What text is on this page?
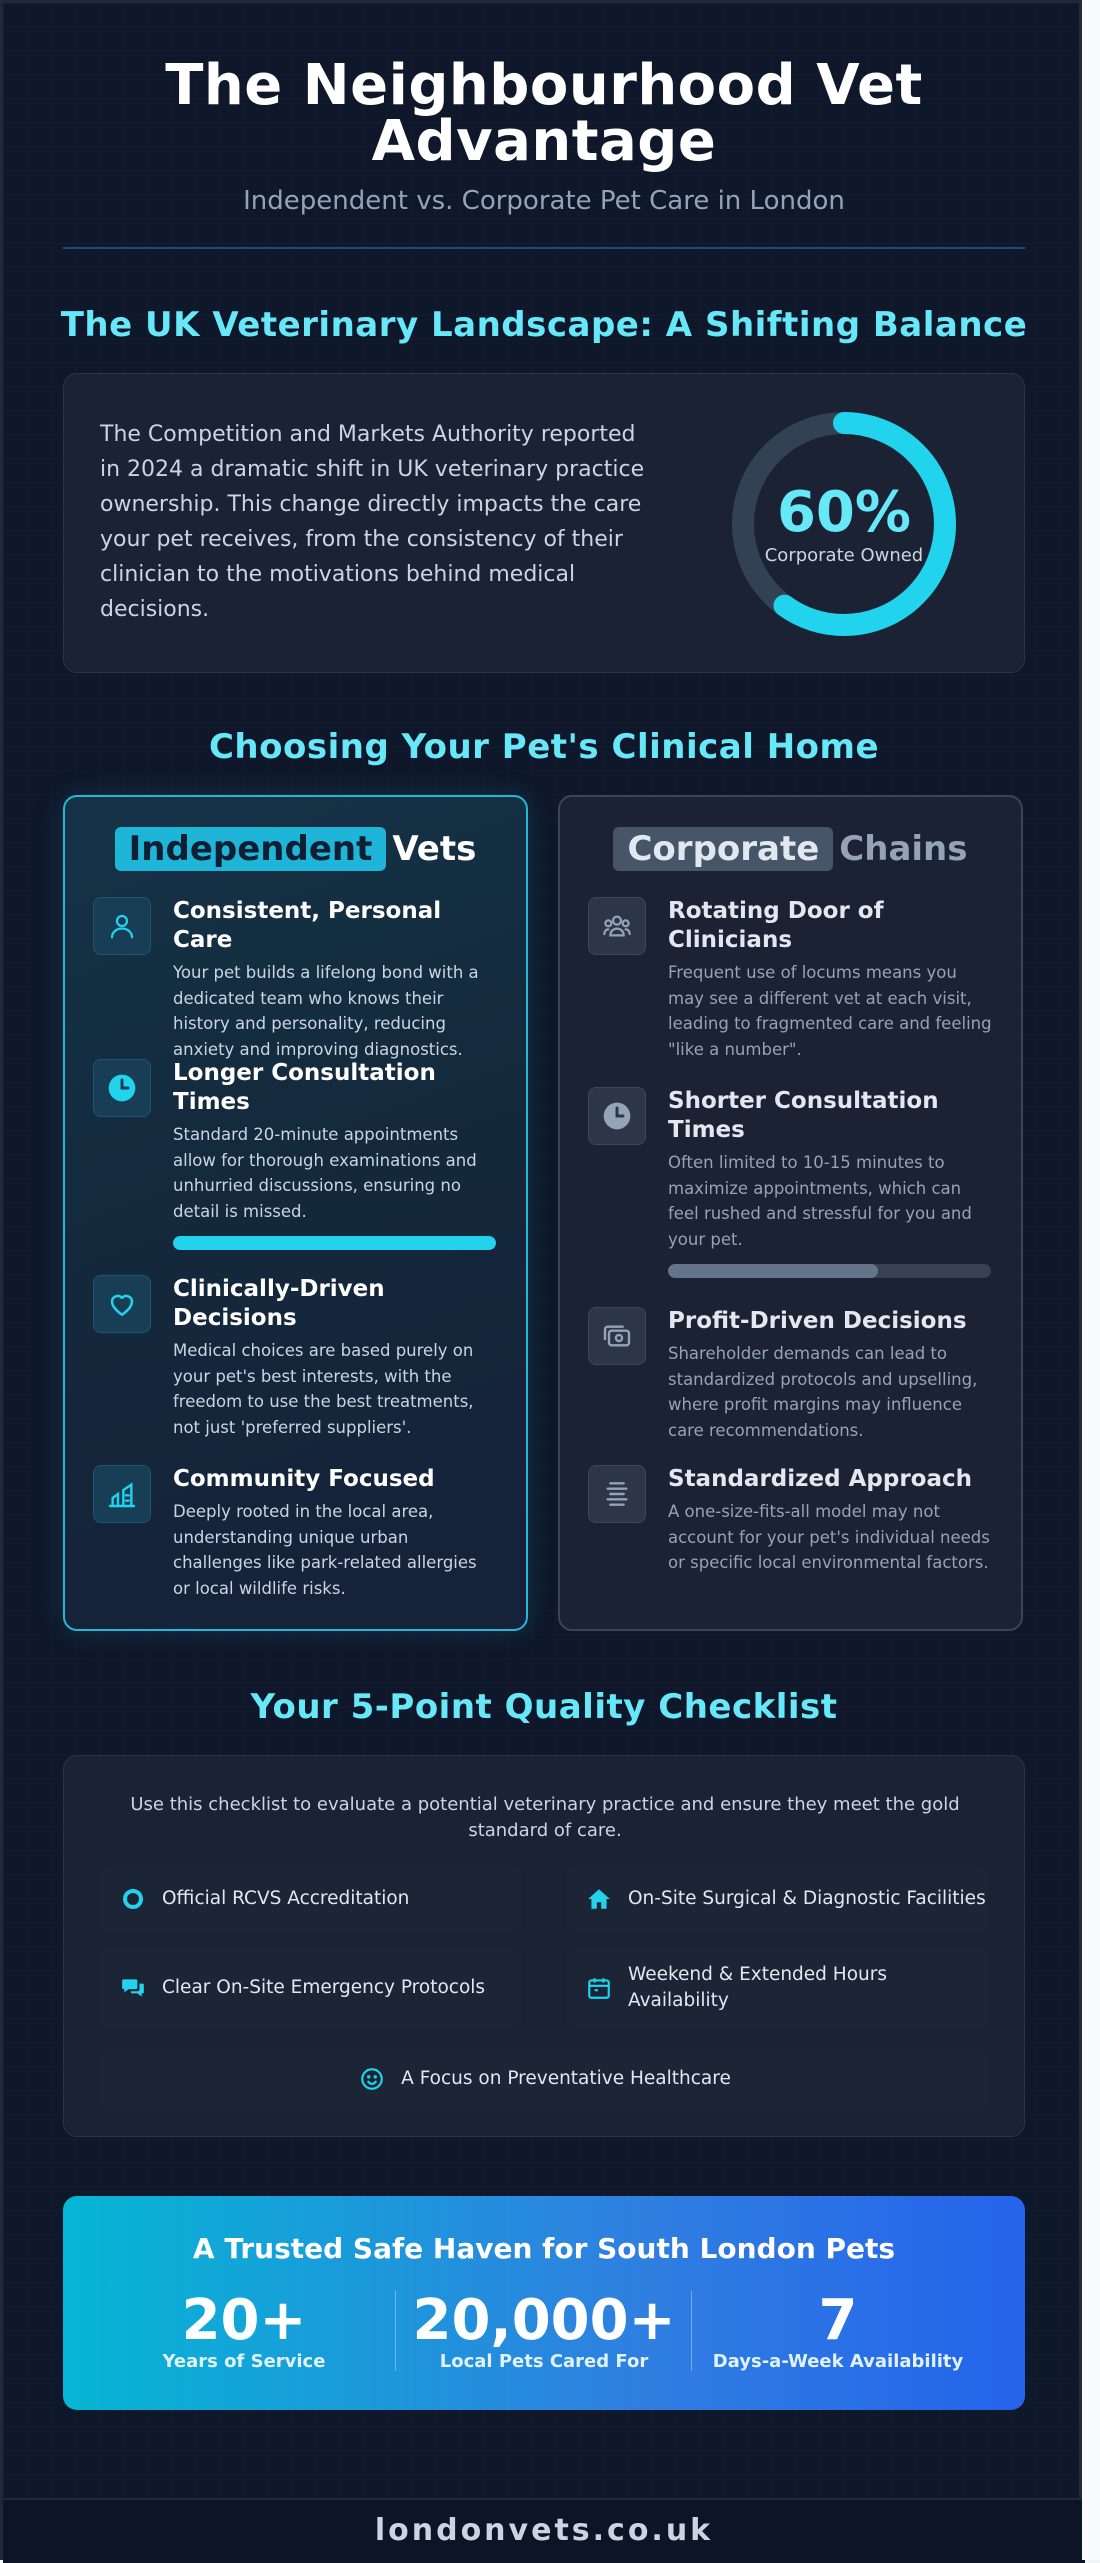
The Neighbourhood Vet Advantage
Independent vs. Corporate Pet Care in London
The UK Veterinary Landscape: A Shifting Balance
The Competition and Markets Authority reported in 2024 a dramatic shift in UK veterinary practice ownership. This change directly impacts the care your pet receives, from the consistency of their clinician to the motivations behind medical decisions.
60%
Corporate Owned
Choosing Your Pet's Clinical Home
Independent Vets
Consistent, Personal Care

Your pet builds a lifelong bond with a dedicated team who knows their history and personality, reducing anxiety and improving diagnostics.

Longer Consultation Times

Standard 20-minute appointments allow for thorough examinations and unhurried discussions, ensuring no detail is missed.

Clinically-Driven Decisions

Medical choices are based purely on your pet's best interests, with the freedom to use the best treatments, not just 'preferred suppliers'.

Community Focused

Deeply rooted in the local area, understanding unique urban challenges like park-related allergies or local wildlife risks.

Corporate Chains
Rotating Door of Clinicians

Frequent use of locums means you may see a different vet at each visit, leading to fragmented care and feeling "like a number".

Shorter Consultation Times

Often limited to 10-15 minutes to maximize appointments, which can feel rushed and stressful for you and your pet.

Profit-Driven Decisions

Shareholder demands can lead to standardized protocols and upselling, where profit margins may influence care recommendations.

Standardized Approach

A one-size-fits-all model may not account for your pet's individual needs or specific local environmental factors.

Your 5-Point Quality Checklist
Use this checklist to evaluate a potential veterinary practice and ensure they meet the gold standard of care.
Official RCVS Accreditation	On-Site Surgical & Diagnostic Facilities
Clear On-Site Emergency Protocols
Weekend & Extended Hours Availability
A Focus on Preventative Healthcare
A Trusted Safe Haven for South London Pets
20+
Years of Service
20,000+
Local Pets Cared For
7
Days-a-Week Availability
londonvets.co.uk
